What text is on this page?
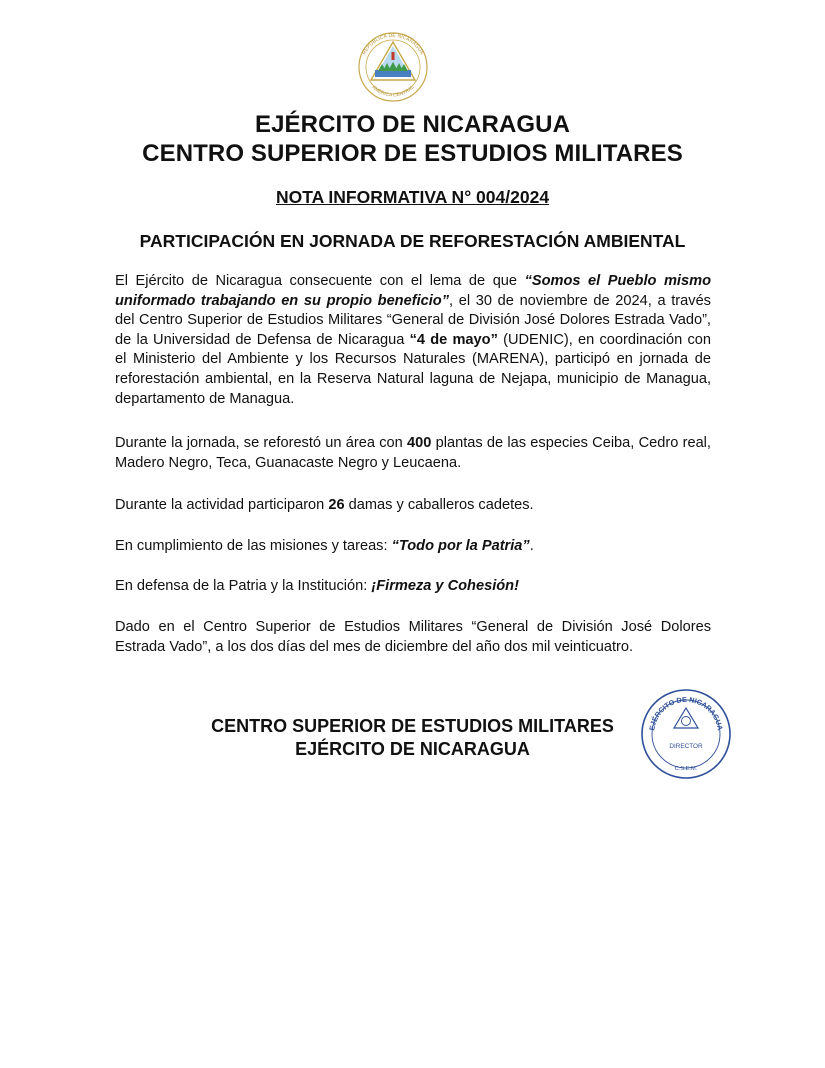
REPUBLICA DE NICARAGUA
AMERICA CENTRAL
EJÉRCITO DE NICARAGUA
CENTRO SUPERIOR DE ESTUDIOS MILITARES
NOTA INFORMATIVA N° 004/2024
PARTICIPACIÓN EN JORNADA DE REFORESTACIÓN AMBIENTAL
El Ejército de Nicaragua consecuente con el lema de que “Somos el Pueblo mismo uniformado trabajando en su propio beneficio”, el 30 de noviembre de 2024, a través del Centro Superior de Estudios Militares “General de División José Dolores Estrada Vado”, de la Universidad de Defensa de Nicaragua “4 de mayo” (UDENIC), en coordinación con el Ministerio del Ambiente y los Recursos Naturales (MARENA), participó en jornada de reforestación ambiental, en la Reserva Natural laguna de Nejapa, municipio de Managua, departamento de Managua.
Durante la jornada, se reforestó un área con 400 plantas de las especies Ceiba, Cedro real, Madero Negro, Teca, Guanacaste Negro y Leucaena.
Durante la actividad participaron 26 damas y caballeros cadetes.
En cumplimiento de las misiones y tareas: “Todo por la Patria”.
En defensa de la Patria y la Institución: ¡Firmeza y Cohesión!
Dado en el Centro Superior de Estudios Militares “General de División José Dolores Estrada Vado”, a los dos días del mes de diciembre del año dos mil veinticuatro.
CENTRO SUPERIOR DE ESTUDIOS MILITARES
EJÉRCITO DE NICARAGUA
EJÉRCITO DE NICARAGUA
DIRECTOR
C.S.E.M.
